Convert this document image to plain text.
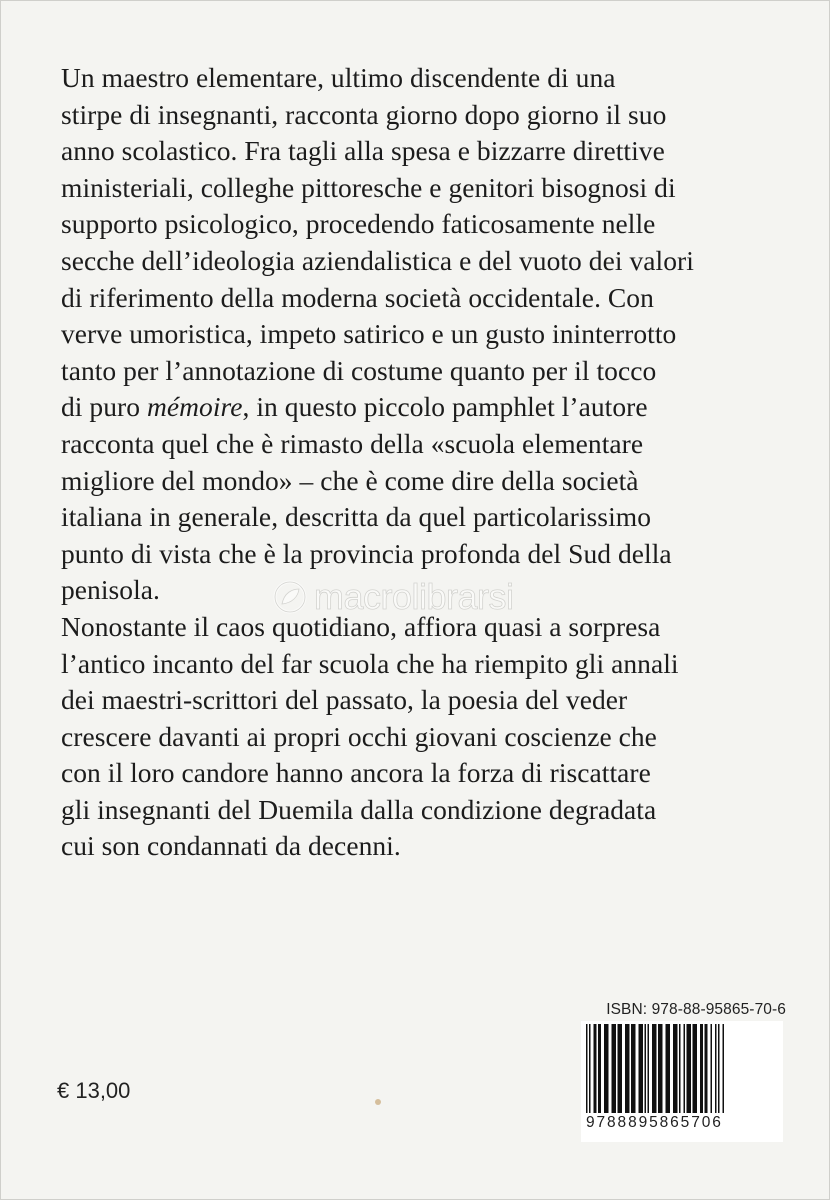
Un maestro elementare, ultimo discendente di una
stirpe di insegnanti, racconta giorno dopo giorno il suo
anno scolastico. Fra tagli alla spesa e bizzarre direttive
ministeriali, colleghe pittoresche e genitori bisognosi di
supporto psicologico, procedendo faticosamente nelle
secche dell’ideologia aziendalistica e del vuoto dei valori
di riferimento della moderna società occidentale. Con
verve umoristica, impeto satirico e un gusto ininterrotto
tanto per l’annotazione di costume quanto per il tocco
di puro mémoire, in questo piccolo pamphlet l’autore
racconta quel che è rimasto della «scuola elementare
migliore del mondo» – che è come dire della società
italiana in generale, descritta da quel particolarissimo
punto di vista che è la provincia profonda del Sud della
penisola.
Nonostante il caos quotidiano, affiora quasi a sorpresa
l’antico incanto del far scuola che ha riempito gli annali
dei maestri-scrittori del passato, la poesia del veder
crescere davanti ai propri occhi giovani coscienze che
con il loro candore hanno ancora la forza di riscattare
gli insegnanti del Duemila dalla condizione degradata
cui son condannati da decenni.
macrolibrarsi
€ 13,00
ISBN: 978-88-95865-70-6
9788895865706
